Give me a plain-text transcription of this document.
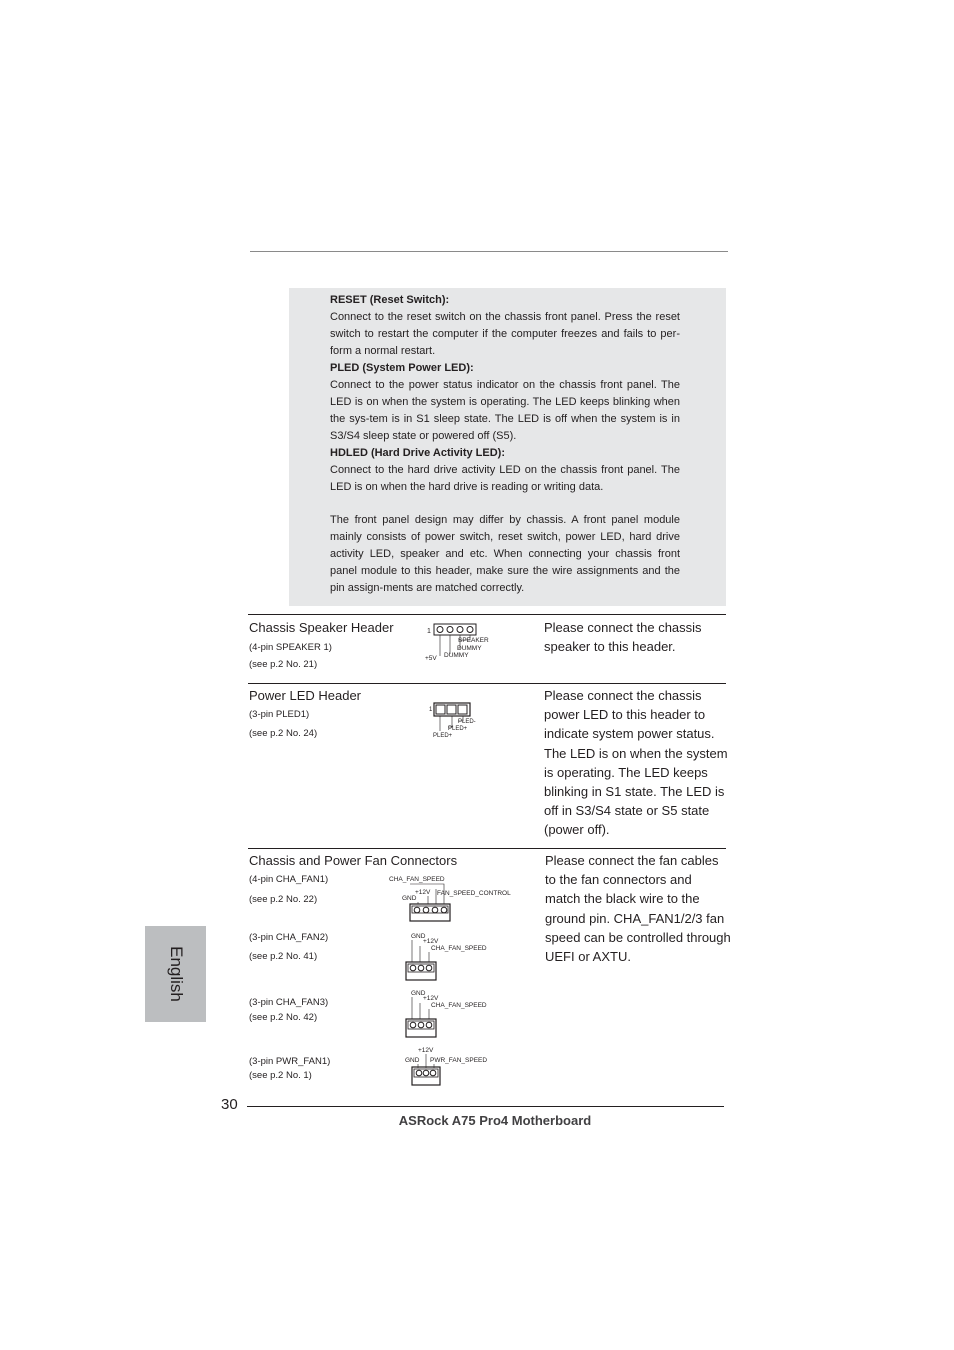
RESET (Reset Switch):

Connect to the reset switch on the chassis front panel. Press the reset switch to restart the computer if the computer freezes and fails to per-form a normal restart.

PLED (System Power LED):

Connect to the power status indicator on the chassis front panel. The LED is on when the system is operating. The LED keeps blinking when the sys-tem is in S1 sleep state. The LED is off when the system is in S3/S4 sleep state or powered off (S5).

HDLED (Hard Drive Activity LED):

Connect to the hard drive activity LED on the chassis front panel. The LED is on when the hard drive is reading or writing data.

The front panel design may differ by chassis. A front panel module mainly consists of power switch, reset switch, power LED, hard drive activity LED, speaker and etc. When connecting your chassis front panel module to this header, make sure the wire assignments and the pin assign-ments are matched correctly.

Chassis Speaker Header
(4-pin SPEAKER 1)
(see p.2 No. 21)
1
SPEAKER
DUMMY
+5V DUMMY
Please connect the chassis
speaker to this header.
Power LED Header
(3-pin PLED1)
(see p.2 No. 24)
1
PLED-
PLED+
PLED+
Please connect the chassis
power LED to this header to
indicate system power status.
The LED is on when the system
is operating. The LED keeps
blinking in S1 state. The LED is
off in S3/S4 state or S5 state
(power off).
Chassis and Power Fan Connectors
(4-pin CHA_FAN1)
(see p.2 No. 22)
CHA_FAN_SPEED
+12V FAN_SPEED_CONTROL
GND
(3-pin CHA_FAN2)
(see p.2 No. 41)
GND
+12V
CHA_FAN_SPEED
(3-pin CHA_FAN3)
(see p.2 No. 42)
GND
+12V
CHA_FAN_SPEED
(3-pin PWR_FAN1)
(see p.2 No. 1)
+12V
GND PWR_FAN_SPEED
Please connect the fan cables
to the fan connectors and
match the black wire to the
ground pin. CHA_FAN1/2/3 fan
speed can be controlled through
UEFI or AXTU.
English
30
ASRock A75 Pro4 Motherboard
